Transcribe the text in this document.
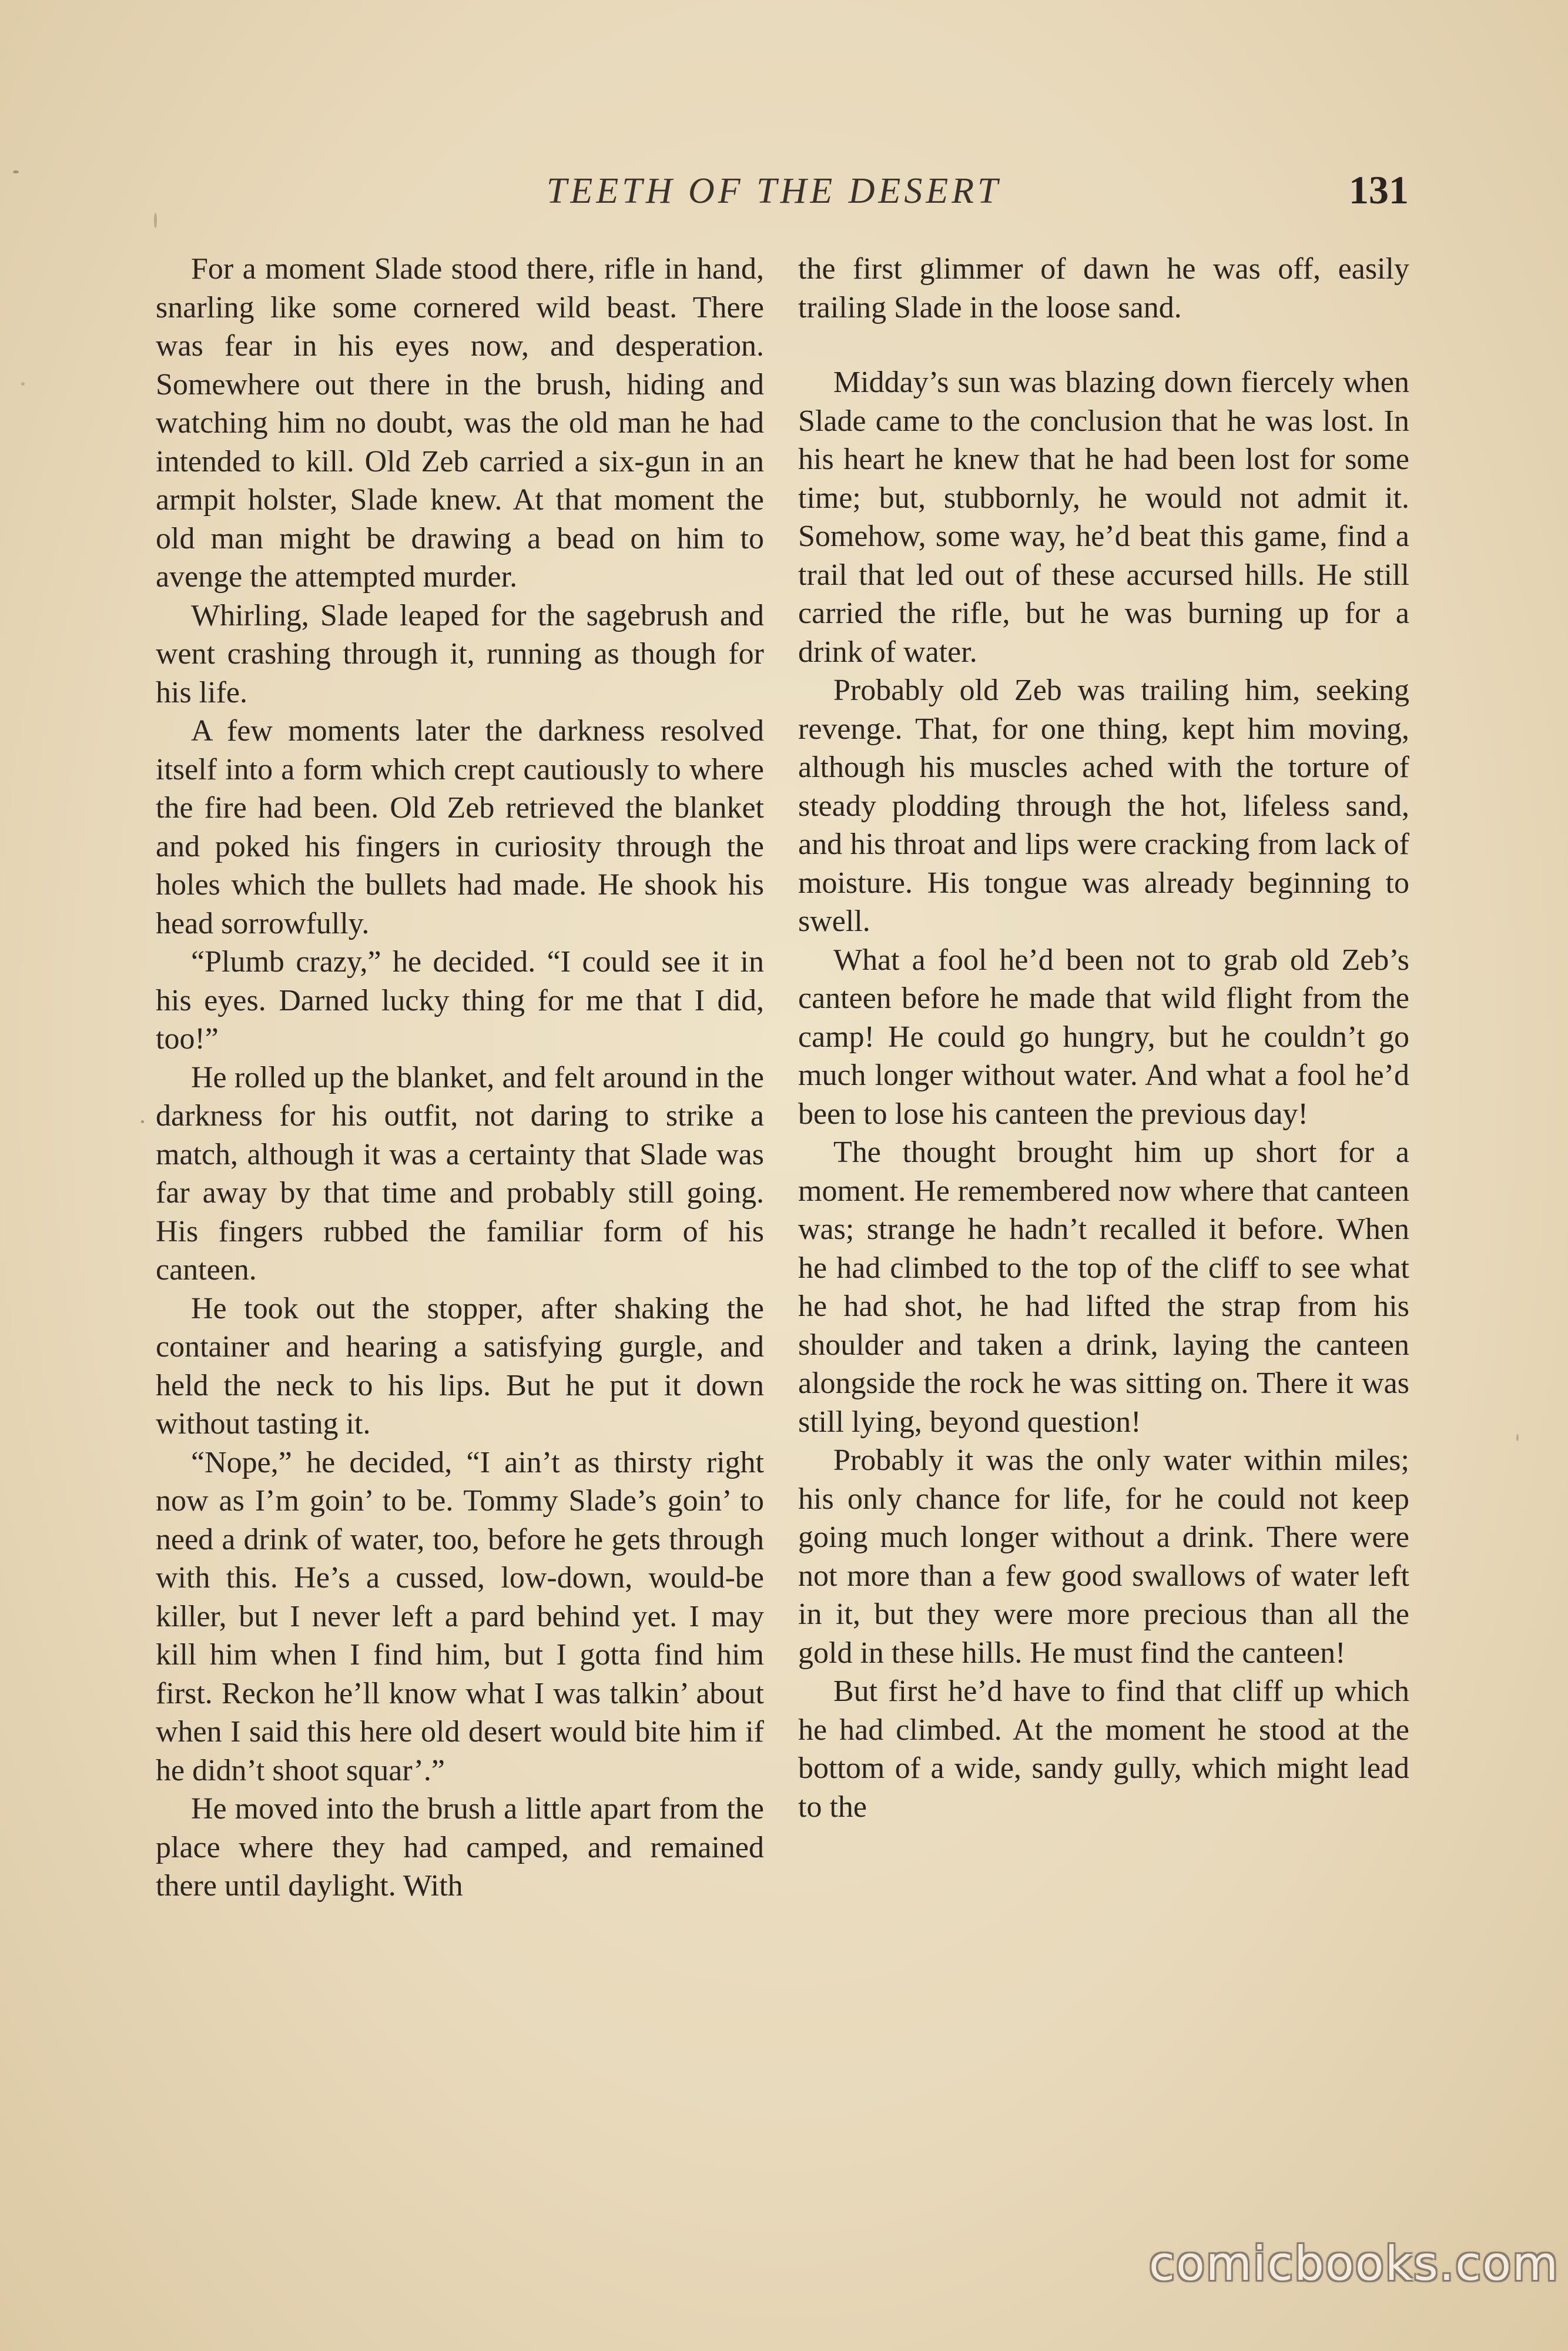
TEETH OF THE DESERT	131

For a moment Slade stood there, rifle in hand, snarling like some cornered wild beast. There was fear in his eyes now, and desperation. Somewhere out there in the brush, hiding and watching him no doubt, was the old man he had intended to kill. Old Zeb carried a six-gun in an armpit holster, Slade knew. At that moment the old man might be drawing a bead on him to avenge the attempted murder.

Whirling, Slade leaped for the sagebrush and went crashing through it, running as though for his life.

A few moments later the darkness resolved itself into a form which crept cautiously to where the fire had been. Old Zeb retrieved the blanket and poked his fingers in curiosity through the holes which the bullets had made. He shook his head sorrowfully.

“Plumb crazy,” he decided. “I could see it in his eyes. Darned lucky thing for me that I did, too!”

He rolled up the blanket, and felt around in the darkness for his outfit, not daring to strike a match, although it was a certainty that Slade was far away by that time and probably still going. His fingers rubbed the familiar form of his canteen.

He took out the stopper, after shaking the container and hearing a satisfying gurgle, and held the neck to his lips. But he put it down without tasting it.

“Nope,” he decided, “I ain’t as thirsty right now as I’m goin’ to be. Tommy Slade’s goin’ to need a drink of water, too, before he gets through with this. He’s a cussed, low-down, would-be killer, but I never left a pard behind yet. I may kill him when I find him, but I gotta find him first. Reckon he’ll know what I was talkin’ about when I said this here old desert would bite him if he didn’t shoot squar’.”

He moved into the brush a little apart from the place where they had camped, and remained there until daylight. With

the first glimmer of dawn he was off, easily trailing Slade in the loose sand.

Midday’s sun was blazing down fiercely when Slade came to the conclusion that he was lost. In his heart he knew that he had been lost for some time; but, stubbornly, he would not admit it. Somehow, some way, he’d beat this game, find a trail that led out of these accursed hills. He still carried the rifle, but he was burning up for a drink of water.

Probably old Zeb was trailing him, seeking revenge. That, for one thing, kept him moving, although his muscles ached with the torture of steady plodding through the hot, lifeless sand, and his throat and lips were cracking from lack of moisture. His tongue was already beginning to swell.

What a fool he’d been not to grab old Zeb’s canteen before he made that wild flight from the camp! He could go hungry, but he couldn’t go much longer without water. And what a fool he’d been to lose his canteen the previous day!

The thought brought him up short for a moment. He remembered now where that canteen was; strange he hadn’t recalled it before. When he had climbed to the top of the cliff to see what he had shot, he had lifted the strap from his shoulder and taken a drink, laying the canteen alongside the rock he was sitting on. There it was still lying, beyond question!

Probably it was the only water within miles; his only chance for life, for he could not keep going much longer without a drink. There were not more than a few good swallows of water left in it, but they were more precious than all the gold in these hills. He must find the canteen!

But first he’d have to find that cliff up which he had climbed. At the moment he stood at the bottom of a wide, sandy gully, which might lead to the

comicbooks.com
